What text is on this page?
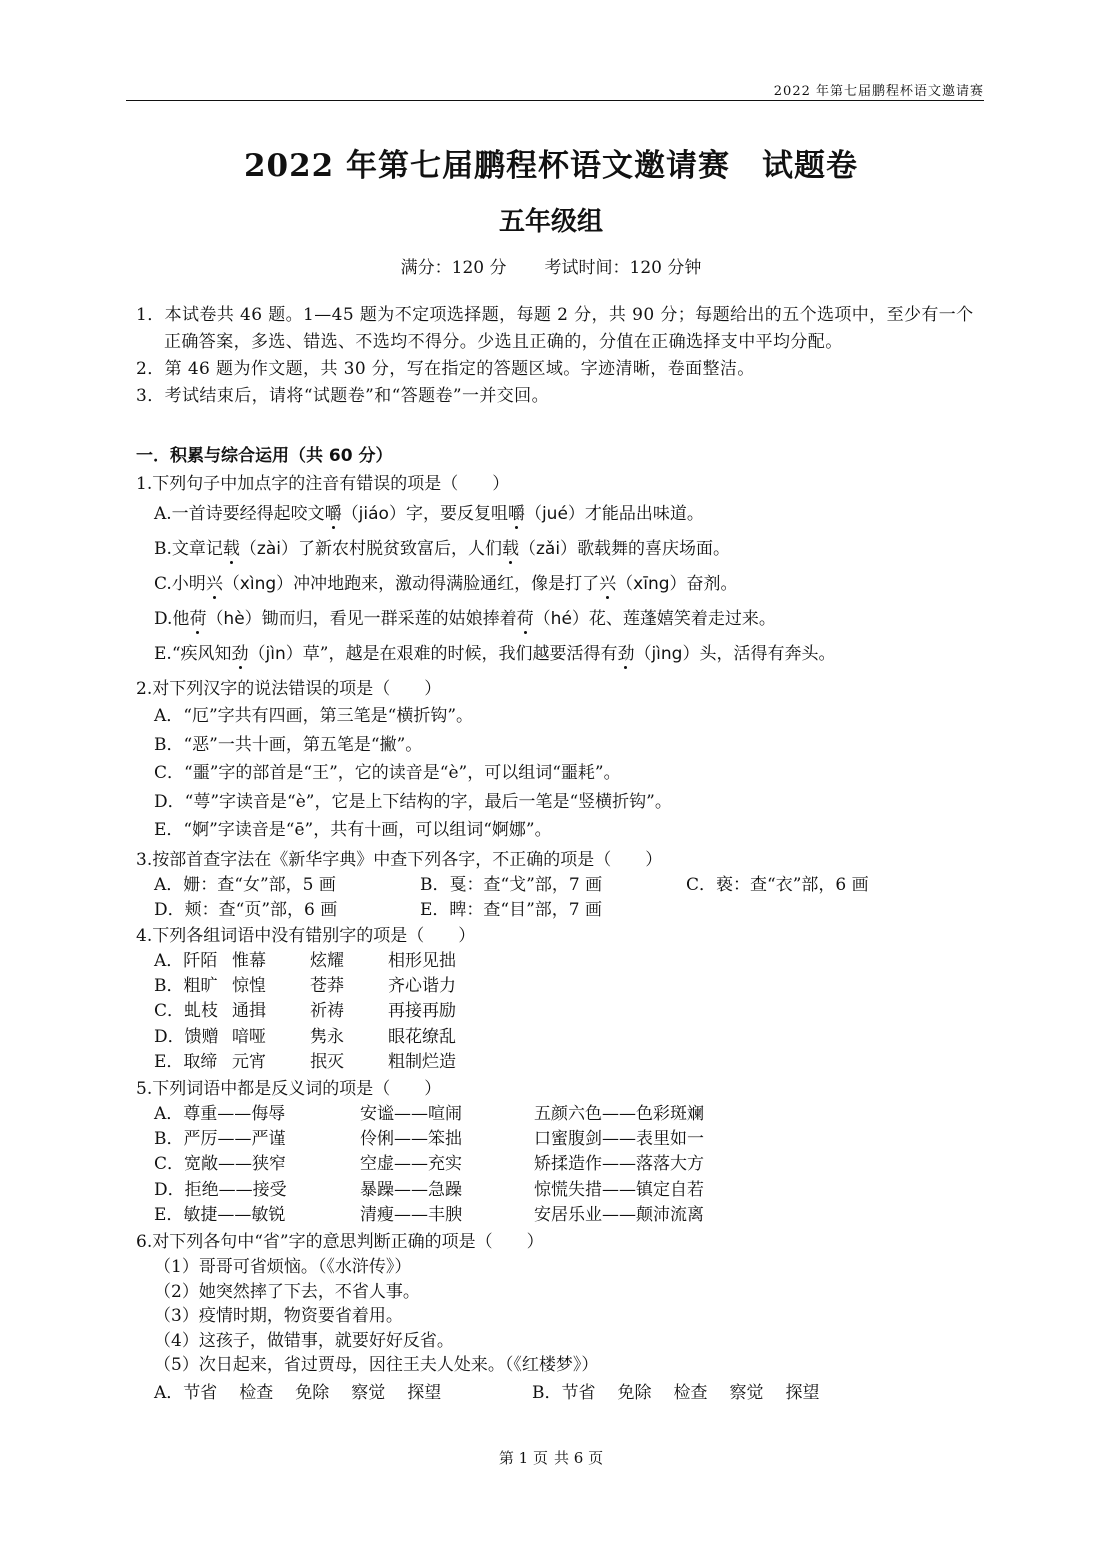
2022 年第七届鹏程杯语文邀请赛
2022 年第七届鹏程杯语文邀请赛　试题卷
五年级组
满分：120 分 考试时间：120 分钟
1．本试卷共 46 题。1—45 题为不定项选择题，每题 2 分，共 90 分；每题给出的五个选项中，至少有一个正确答案，多选、错选、不选均不得分。少选且正确的，分值在正确选择支中平均分配。
2．第 46 题为作文题，共 30 分，写在指定的答题区域。字迹清晰，卷面整洁。
3．考试结束后，请将“试题卷”和“答题卷”一并交回。
一．积累与综合运用（共 60 分）
1.下列句子中加点字的注音有错误的项是（　　）
A.一首诗要经得起咬文嚼（jiáo）字，要反复咀嚼（jué）才能品出味道。
B.文章记载（zài）了新农村脱贫致富后，人们载（zǎi）歌载舞的喜庆场面。
C.小明兴（xìng）冲冲地跑来，激动得满脸通红，像是打了兴（xīng）奋剂。
D.他荷（hè）锄而归，看见一群采莲的姑娘捧着荷（hé）花、莲蓬嬉笑着走过来。
E.“疾风知劲（jìn）草”，越是在艰难的时候，我们越要活得有劲（jìng）头，活得有奔头。
2.对下列汉字的说法错误的项是（　　）
A．“厄”字共有四画，第三笔是“横折钩”。
B．“恶”一共十画，第五笔是“撇”。
C．“噩”字的部首是“王”，它的读音是“è”，可以组词“噩耗”。
D．“萼”字读音是“è”，它是上下结构的字，最后一笔是“竖横折钩”。
E．“婀”字读音是“ē”，共有十画，可以组词“婀娜”。
3.按部首查字法在《新华字典》中查下列各字，不正确的项是（　　）
A．姗：查“女”部，5 画	B．戛：查“戈”部，7 画	C．亵：查“衣”部，6 画
D．颊：查“页”部，6 画	E．睥：查“目”部，7 画
4.下列各组词语中没有错别字的项是（　　）
A．阡陌 惟幕	炫耀	相形见拙
B．粗旷 惊惶	苍莽	齐心谐力
C．虬枝 通揖	祈祷	再接再励
D．馈赠 喑哑	隽永	眼花缭乱
E．取缔 元宵	抿灭	粗制烂造
5.下列词语中都是反义词的项是（　　）
A．尊重——侮辱	安谧——喧闹	五颜六色——色彩斑斓
B．严厉——严谨	伶俐——笨拙	口蜜腹剑——表里如一
C．宽敞——狭窄	空虚——充实	矫揉造作——落落大方
D．拒绝——接受	暴躁——急躁	惊慌失措——镇定自若
E．敏捷——敏锐	清瘦——丰腴	安居乐业——颠沛流离
6.对下列各句中“省”字的意思判断正确的项是（　　）
（1）哥哥可省烦恼。（《水浒传》）
（2）她突然摔了下去，不省人事。
（3）疫情时期，物资要省着用。
（4）这孩子，做错事，就要好好反省。
（5）次日起来，省过贾母，因往王夫人处来。（《红楼梦》）
A．节省 检查 免除 察觉 探望	B．节省 免除 检查 察觉 探望
第 1 页 共 6 页
